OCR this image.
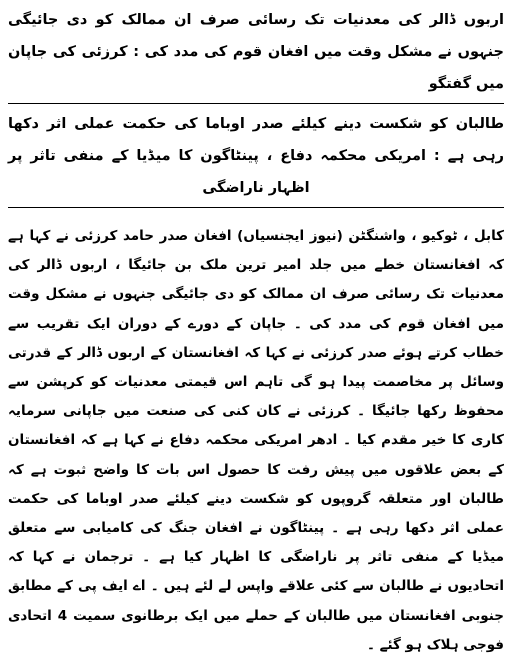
اربوں ڈالر کی معدنیات تک رسائی صرف ان ممالک کو دی جائیگی جنہوں نے مشکل وقت میں افغان قوم کی مدد کی : کرزئی کی جاپان میں گفتگو
طالبان کو شکست دینے کیلئے صدر اوباما کی حکمت عملی اثر دکھا رہی ہے : امریکی محکمہ دفاع ، پینٹاگون کا میڈیا کے منفی تاثر پر اظہار ناراضگی

کابل ، ٹوکیو ، واشنگٹن (نیوز ایجنسیاں) افغان صدر حامد کرزئی نے کہا ہے کہ افغانستان خطے میں جلد امیر ترین ملک بن جائیگا ، اربوں ڈالر کی معدنیات تک رسائی صرف ان ممالک کو دی جائیگی جنہوں نے مشکل وقت میں افغان قوم کی مدد کی ۔ جاپان کے دورے کے دوران ایک تقریب سے خطاب کرتے ہوئے صدر کرزئی نے کہا کہ افغانستان کے اربوں ڈالر کے قدرتی وسائل پر مخاصمت پیدا ہو گی تاہم اس قیمتی معدنیات کو کرپشن سے محفوظ رکھا جائیگا ۔ کرزئی نے کان کنی کی صنعت میں جاپانی سرمایہ کاری کا خیر مقدم کیا ۔ ادھر امریکی محکمہ دفاع نے کہا ہے کہ افغانستان کے بعض علاقوں میں پیش رفت کا حصول اس بات کا واضح ثبوت ہے کہ طالبان اور متعلقہ گروپوں کو شکست دینے کیلئے صدر اوباما کی حکمت عملی اثر دکھا رہی ہے ۔ پینٹاگون نے افغان جنگ کی کامیابی سے متعلق میڈیا کے منفی تاثر پر ناراضگی کا اظہار کیا ہے ۔ ترجمان نے کہا کہ اتحادیوں نے طالبان سے کئی علاقے واپس لے لئے ہیں ۔ اے ایف پی کے مطابق جنوبی افغانستان میں طالبان کے حملے میں ایک برطانوی سمیت 4 اتحادی فوجی ہلاک ہو گئے ۔
